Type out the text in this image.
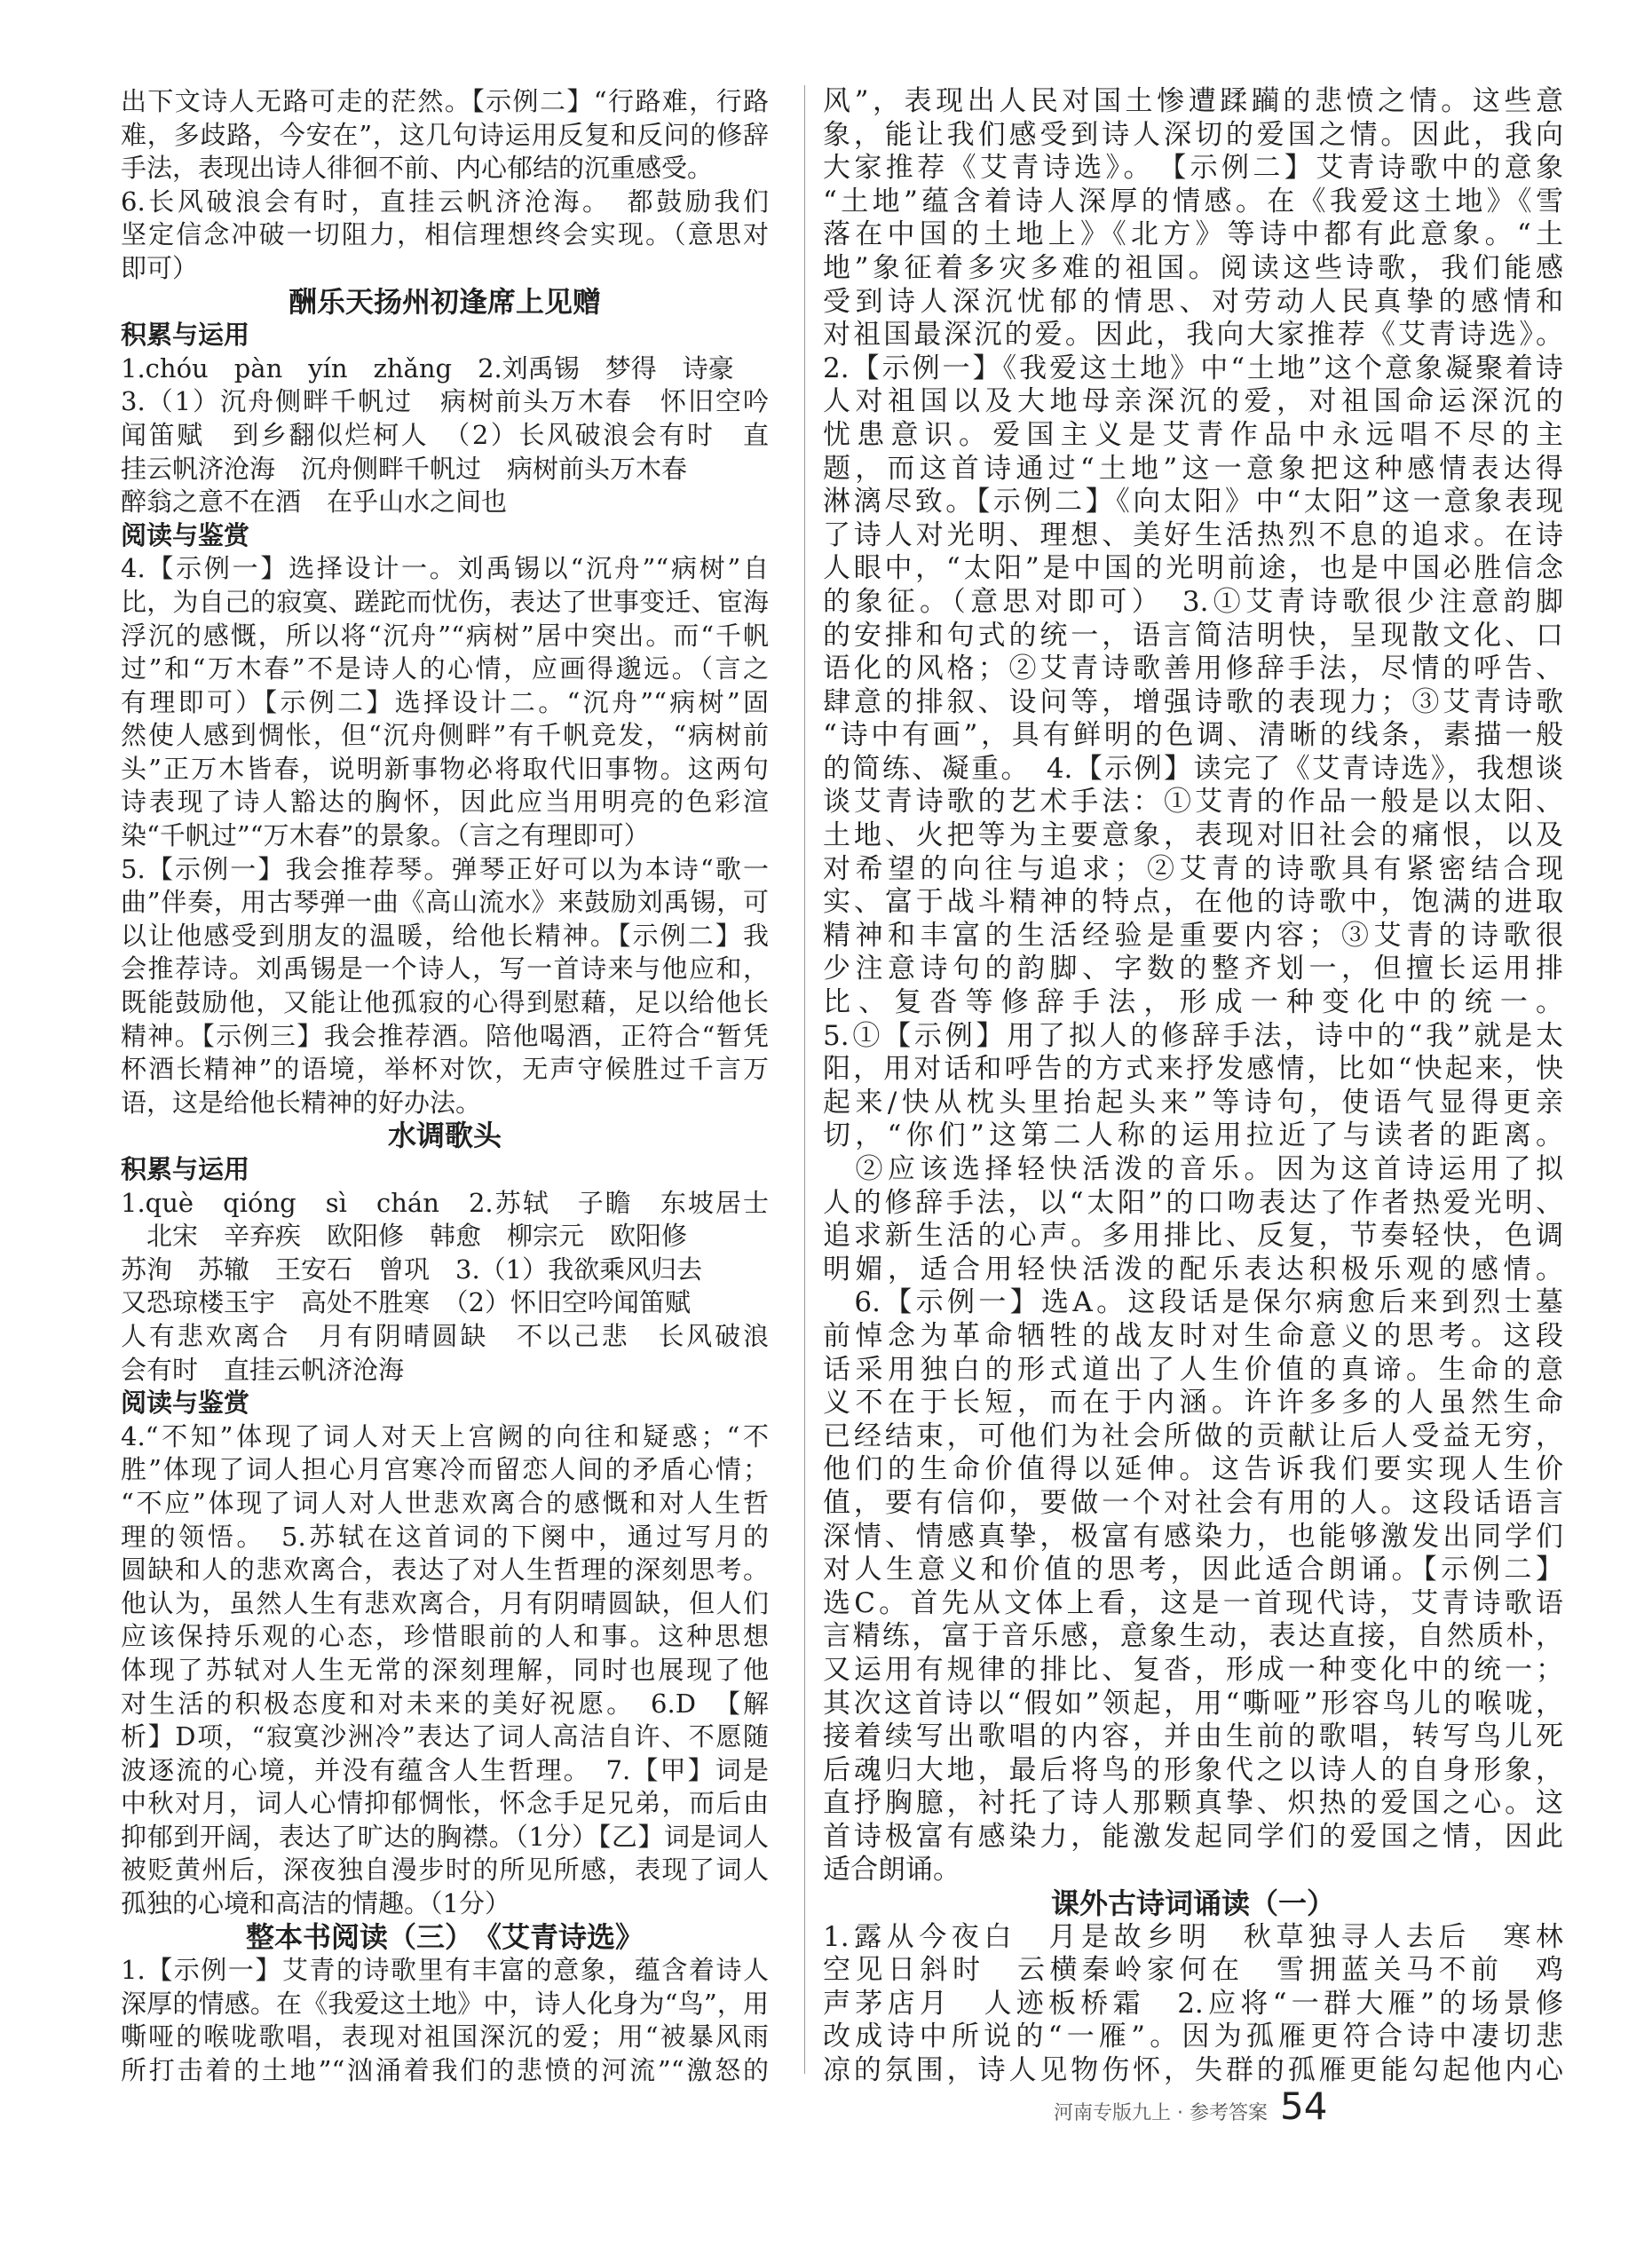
出下文诗人无路可走的茫然。【示例二】“行路难，行路
难，多歧路，今安在”，这几句诗运用反复和反问的修辞
手法，表现出诗人徘徊不前、内心郁结的沉重感受。
6.长风破浪会有时，直挂云帆济沧海。　都鼓励我们
坚定信念冲破一切阻力，相信理想终会实现。（意思对
即可）
酬乐天扬州初逢席上见赠
积累与运用
1.chóu　pàn　yín　zhǎng　2.刘禹锡　梦得　诗豪
3.（1）沉舟侧畔千帆过　病树前头万木春　怀旧空吟
闻笛赋　到乡翻似烂柯人　（2）长风破浪会有时　直
挂云帆济沧海　沉舟侧畔千帆过　病树前头万木春
醉翁之意不在酒　在乎山水之间也
阅读与鉴赏
4.【示例一】选择设计一。刘禹锡以“沉舟”“病树”自
比，为自己的寂寞、蹉跎而忧伤，表达了世事变迁、宦海
浮沉的感慨，所以将“沉舟”“病树”居中突出。而“千帆
过”和“万木春”不是诗人的心情，应画得邈远。（言之
有理即可）【示例二】选择设计二。“沉舟”“病树”固
然使人感到惆怅，但“沉舟侧畔”有千帆竞发，“病树前
头”正万木皆春，说明新事物必将取代旧事物。这两句
诗表现了诗人豁达的胸怀，因此应当用明亮的色彩渲
染“千帆过”“万木春”的景象。（言之有理即可）
5.【示例一】我会推荐琴。弹琴正好可以为本诗“歌一
曲”伴奏，用古琴弹一曲《高山流水》来鼓励刘禹锡，可
以让他感受到朋友的温暖，给他长精神。【示例二】我
会推荐诗。刘禹锡是一个诗人，写一首诗来与他应和，
既能鼓励他，又能让他孤寂的心得到慰藉，足以给他长
精神。【示例三】我会推荐酒。陪他喝酒，正符合“暂凭
杯酒长精神”的语境，举杯对饮，无声守候胜过千言万
语，这是给他长精神的好办法。
水调歌头
积累与运用
1.què　qióng　sì　chán　2.苏轼　子瞻　东坡居士
　北宋　辛弃疾　欧阳修　韩愈　柳宗元　欧阳修
苏洵　苏辙　王安石　曾巩　3.（1）我欲乘风归去
又恐琼楼玉宇　高处不胜寒　（2）怀旧空吟闻笛赋
人有悲欢离合　月有阴晴圆缺　不以己悲　长风破浪
会有时　直挂云帆济沧海
阅读与鉴赏
4.“不知”体现了词人对天上宫阙的向往和疑惑；“不
胜”体现了词人担心月宫寒冷而留恋人间的矛盾心情；
“不应”体现了词人对人世悲欢离合的感慨和对人生哲
理的领悟。　5.苏轼在这首词的下阕中，通过写月的
圆缺和人的悲欢离合，表达了对人生哲理的深刻思考。
他认为，虽然人生有悲欢离合，月有阴晴圆缺，但人们
应该保持乐观的心态，珍惜眼前的人和事。这种思想
体现了苏轼对人生无常的深刻理解，同时也展现了他
对生活的积极态度和对未来的美好祝愿。　6.D　【解
析】D项，“寂寞沙洲冷”表达了词人高洁自许、不愿随
波逐流的心境，并没有蕴含人生哲理。　7.【甲】词是
中秋对月，词人心情抑郁惆怅，怀念手足兄弟，而后由
抑郁到开阔，表达了旷达的胸襟。（1分）【乙】词是词人
被贬黄州后，深夜独自漫步时的所见所感，表现了词人
孤独的心境和高洁的情趣。（1分）
整本书阅读（三）　《艾青诗选》
1.【示例一】艾青的诗歌里有丰富的意象，蕴含着诗人
深厚的情感。在《我爱这土地》中，诗人化身为“鸟”，用
嘶哑的喉咙歌唱，表现对祖国深沉的爱；用“被暴风雨
所打击着的土地”“汹涌着我们的悲愤的河流”“激怒的
风”，表现出人民对国土惨遭蹂躏的悲愤之情。这些意
象，能让我们感受到诗人深切的爱国之情。因此，我向
大家推荐《艾青诗选》。　【示例二】艾青诗歌中的意象
“土地”蕴含着诗人深厚的情感。在《我爱这土地》《雪
落在中国的土地上》《北方》等诗中都有此意象。“土
地”象征着多灾多难的祖国。阅读这些诗歌，我们能感
受到诗人深沉忧郁的情思、对劳动人民真挚的感情和
对祖国最深沉的爱。因此，我向大家推荐《艾青诗选》。
2.【示例一】《我爱这土地》中“土地”这个意象凝聚着诗
人对祖国以及大地母亲深沉的爱，对祖国命运深沉的
忧患意识。爱国主义是艾青作品中永远唱不尽的主
题，而这首诗通过“土地”这一意象把这种感情表达得
淋漓尽致。【示例二】《向太阳》中“太阳”这一意象表现
了诗人对光明、理想、美好生活热烈不息的追求。在诗
人眼中，“太阳”是中国的光明前途，也是中国必胜信念
的象征。（意思对即可）　3.①艾青诗歌很少注意韵脚
的安排和句式的统一，语言简洁明快，呈现散文化、口
语化的风格；②艾青诗歌善用修辞手法，尽情的呼告、
肆意的排叙、设问等，增强诗歌的表现力；③艾青诗歌
“诗中有画”，具有鲜明的色调、清晰的线条，素描一般
的简练、凝重。　4.【示例】读完了《艾青诗选》，我想谈
谈艾青诗歌的艺术手法：①艾青的作品一般是以太阳、
土地、火把等为主要意象，表现对旧社会的痛恨，以及
对希望的向往与追求；②艾青的诗歌具有紧密结合现
实、富于战斗精神的特点，在他的诗歌中，饱满的进取
精神和丰富的生活经验是重要内容；③艾青的诗歌很
少注意诗句的韵脚、字数的整齐划一，但擅长运用排
比、复沓等修辞手法，形成一种变化中的统一。
5.①【示例】用了拟人的修辞手法，诗中的“我”就是太
阳，用对话和呼告的方式来抒发感情，比如“快起来，快
起来/快从枕头里抬起头来”等诗句，使语气显得更亲
切，“你们”这第二人称的运用拉近了与读者的距离。
　②应该选择轻快活泼的音乐。因为这首诗运用了拟
人的修辞手法，以“太阳”的口吻表达了作者热爱光明、
追求新生活的心声。多用排比、反复，节奏轻快，色调
明媚，适合用轻快活泼的配乐表达积极乐观的感情。
　6.【示例一】选A。这段话是保尔病愈后来到烈士墓
前悼念为革命牺牲的战友时对生命意义的思考。这段
话采用独白的形式道出了人生价值的真谛。生命的意
义不在于长短，而在于内涵。许许多多的人虽然生命
已经结束，可他们为社会所做的贡献让后人受益无穷，
他们的生命价值得以延伸。这告诉我们要实现人生价
值，要有信仰，要做一个对社会有用的人。这段话语言
深情、情感真挚，极富有感染力，也能够激发出同学们
对人生意义和价值的思考，因此适合朗诵。【示例二】
选C。首先从文体上看，这是一首现代诗，艾青诗歌语
言精练，富于音乐感，意象生动，表达直接，自然质朴，
又运用有规律的排比、复沓，形成一种变化中的统一；
其次这首诗以“假如”领起，用“嘶哑”形容鸟儿的喉咙，
接着续写出歌唱的内容，并由生前的歌唱，转写鸟儿死
后魂归大地，最后将鸟的形象代之以诗人的自身形象，
直抒胸臆，衬托了诗人那颗真挚、炽热的爱国之心。这
首诗极富有感染力，能激发起同学们的爱国之情，因此
适合朗诵。
课外古诗词诵读（一）
1.露从今夜白　月是故乡明　秋草独寻人去后　寒林
空见日斜时　云横秦岭家何在　雪拥蓝关马不前　鸡
声茅店月　人迹板桥霜　2.应将“一群大雁”的场景修
改成诗中所说的“一雁”。因为孤雁更符合诗中凄切悲
凉的氛围，诗人见物伤怀，失群的孤雁更能勾起他内心
河南专版九上 · 参考答案 54
